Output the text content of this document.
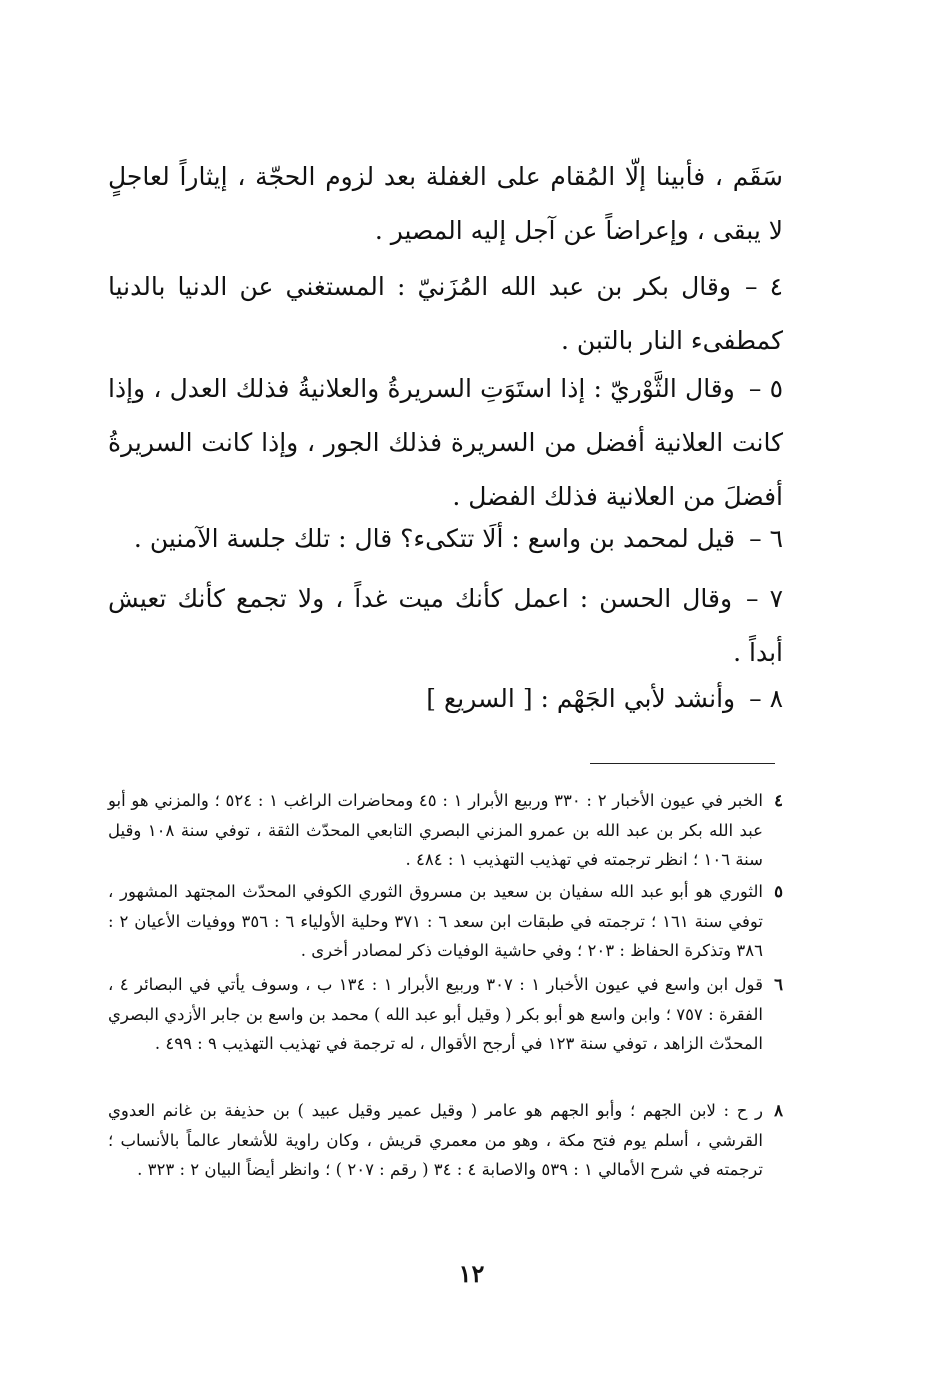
سَقَم ، فأبينا إلّا المُقام على الغفلة بعد لزوم الحجّة ، إيثاراً لعاجلٍ لا يبقى ، وإعراضاً عن آجل إليه المصير .

٤ –وقال بكر بن عبد الله المُزَنيّ : المستغني عن الدنيا بالدنيا كمطفىء النار بالتبن .

٥ –وقال الثَّوْريّ : إذا استَوَتِ السريرةُ والعلانيةُ فذلك العدل ، وإذا كانت العلانية أفضل من السريرة فذلك الجور ، وإذا كانت السريرةُ أفضلَ من العلانية فذلك الفضل .

٦ –قيل لمحمد بن واسع : ألَا تتكىء؟ قال : تلك جلسة الآمنين .

٧ –وقال الحسن : اعمل كأنك ميت غداً ، ولا تجمع كأنك تعيش أبداً .

٨ –وأنشد لأبي الجَهْم : [ السريع ]

٤
الخبر في عيون الأخبار ٢ : ٣٣٠ وربيع الأبرار ١ : ٤٥ ومحاضرات الراغب ١ : ٥٢٤ ؛ والمزني هو أبو عبد الله بكر بن عبد الله بن عمرو المزني البصري التابعي المحدّث الثقة ، توفي سنة ١٠٨ وقيل سنة ١٠٦ ؛ انظر ترجمته في تهذيب التهذيب ١ : ٤٨٤ .

٥
الثوري هو أبو عبد الله سفيان بن سعيد بن مسروق الثوري الكوفي المحدّث المجتهد المشهور ، توفي سنة ١٦١ ؛ ترجمته في طبقات ابن سعد ٦ : ٣٧١ وحلية الأولياء ٦ : ٣٥٦ ووفيات الأعيان ٢ : ٣٨٦ وتذكرة الحفاظ : ٢٠٣ ؛ وفي حاشية الوفيات ذكر لمصادر أخرى .

٦
قول ابن واسع في عيون الأخبار ١ : ٣٠٧ وربيع الأبرار ١ : ١٣٤ ب ، وسوف يأتي في البصائر ٤ ، الفقرة : ٧٥٧ ؛ وابن واسع هو أبو بكر ( وقيل أبو عبد الله ) محمد بن واسع بن جابر الأزدي البصري المحدّث الزاهد ، توفي سنة ١٢٣ في أرجح الأقوال ، له ترجمة في تهذيب التهذيب ٩ : ٤٩٩ .

٨
ر ح : لابن الجهم ؛ وأبو الجهم هو عامر ( وقيل عمير وقيل عبيد ) بن حذيفة بن غانم العدوي القرشي ، أسلم يوم فتح مكة ، وهو من معمري قريش ، وكان راوية للأشعار عالماً بالأنساب ؛ ترجمته في شرح الأمالي ١ : ٥٣٩ والاصابة ٤ : ٣٤ ( رقم : ٢٠٧ ) ؛ وانظر أيضاً البيان ٢ : ٣٢٣ .

١٢
